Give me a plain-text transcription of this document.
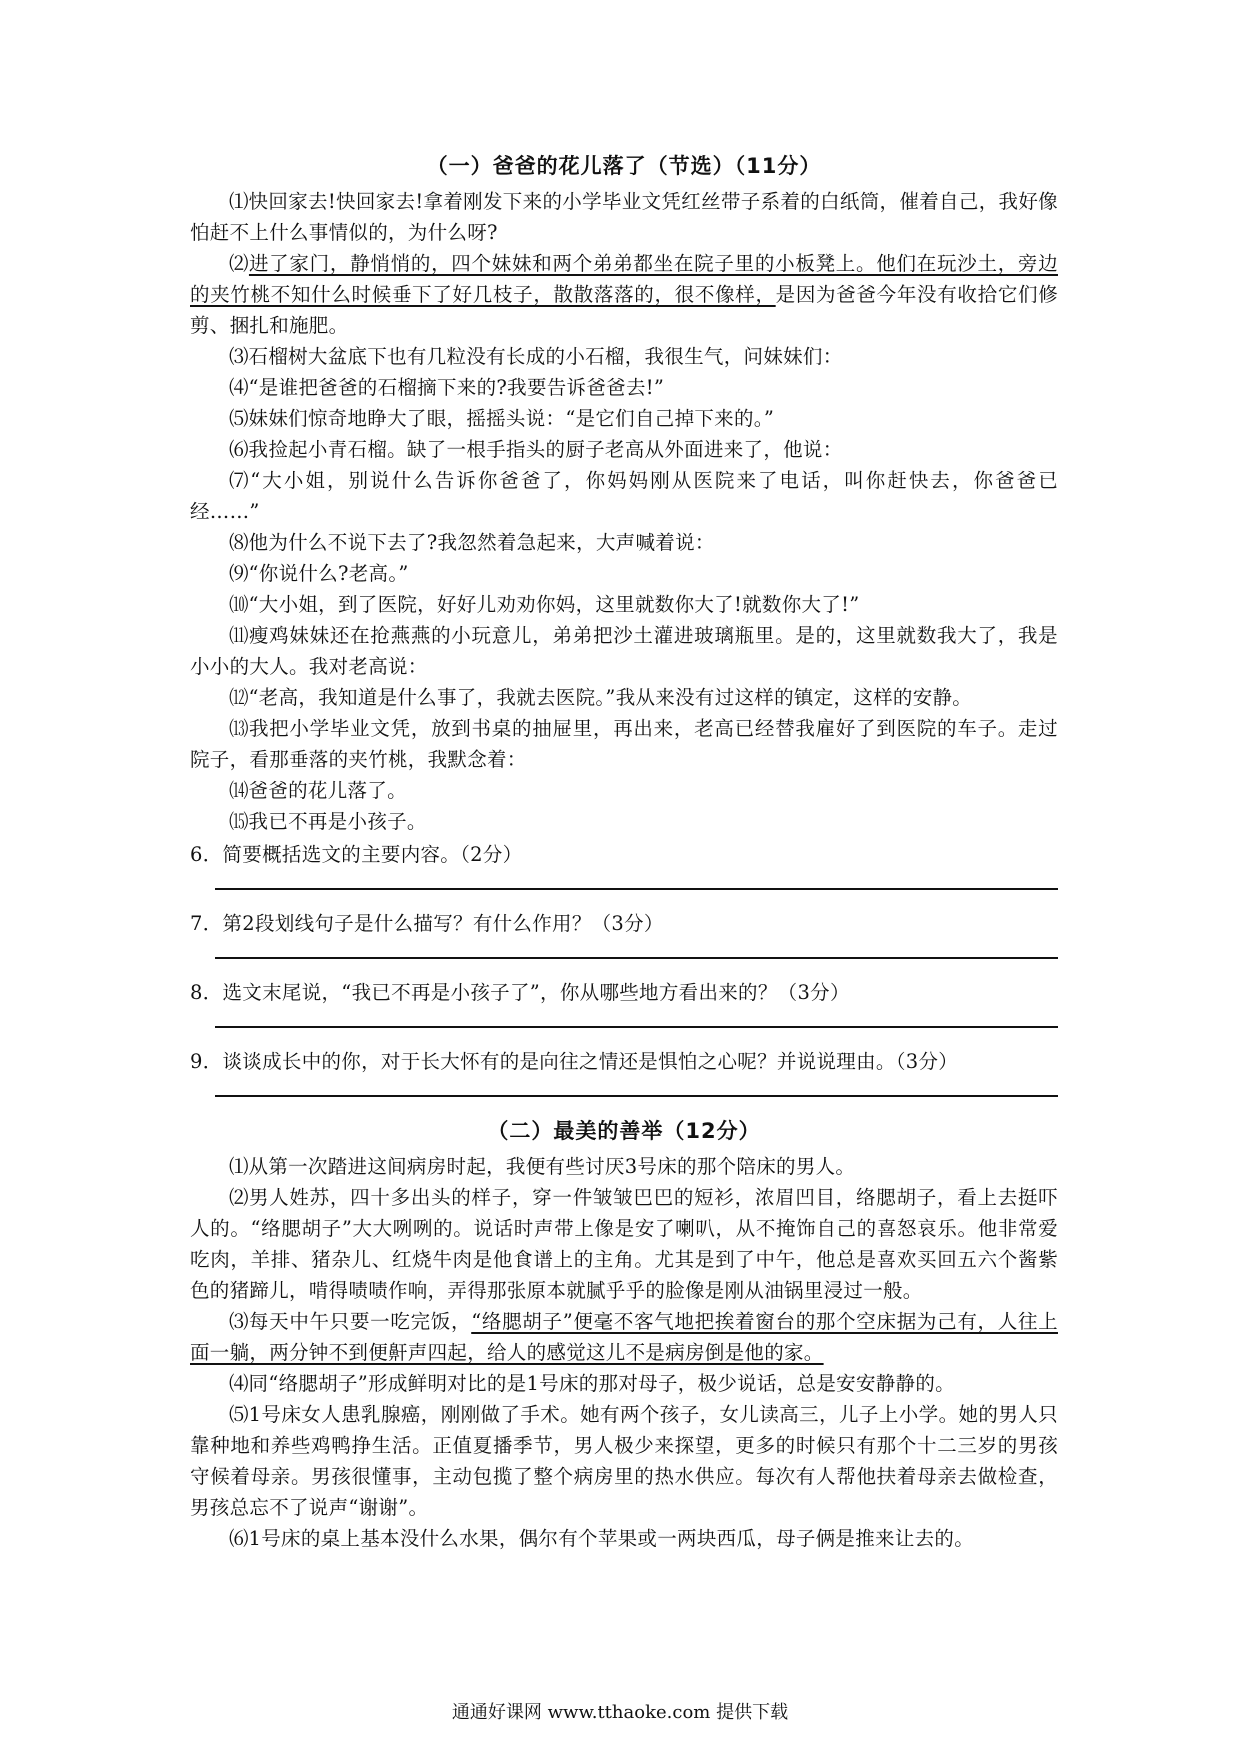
（一）爸爸的花儿落了（节选）（11分）
⑴快回家去!快回家去!拿着刚发下来的小学毕业文凭红丝带子系着的白纸筒，催着自己，我好像怕赶不上什么事情似的，为什么呀?
⑵进了家门，静悄悄的，四个妹妹和两个弟弟都坐在院子里的小板凳上。他们在玩沙土，旁边的夹竹桃不知什么时候垂下了好几枝子，散散落落的，很不像样，是因为爸爸今年没有收拾它们修剪、捆扎和施肥。
⑶石榴树大盆底下也有几粒没有长成的小石榴，我很生气，问妹妹们：
⑷“是谁把爸爸的石榴摘下来的?我要告诉爸爸去!”
⑸妹妹们惊奇地睁大了眼，摇摇头说：“是它们自己掉下来的。”
⑹我捡起小青石榴。缺了一根手指头的厨子老高从外面进来了，他说：
⑺“大小姐，别说什么告诉你爸爸了，你妈妈刚从医院来了电话，叫你赶快去，你爸爸已经……”
⑻他为什么不说下去了?我忽然着急起来，大声喊着说：
⑼“你说什么?老高。”
⑽“大小姐，到了医院，好好儿劝劝你妈，这里就数你大了!就数你大了!”
⑾瘦鸡妹妹还在抢燕燕的小玩意儿，弟弟把沙土灌进玻璃瓶里。是的，这里就数我大了，我是小小的大人。我对老高说：
⑿“老高，我知道是什么事了，我就去医院。”我从来没有过这样的镇定，这样的安静。
⒀我把小学毕业文凭，放到书桌的抽屉里，再出来，老高已经替我雇好了到医院的车子。走过院子，看那垂落的夹竹桃，我默念着：
⒁爸爸的花儿落了。
⒂我已不再是小孩子。
6．简要概括选文的主要内容。（2分）
7．第2段划线句子是什么描写？有什么作用？（3分）
8．选文末尾说，“我已不再是小孩子了”，你从哪些地方看出来的？（3分）
9．谈谈成长中的你，对于长大怀有的是向往之情还是惧怕之心呢？并说说理由。（3分）
（二）最美的善举（12分）
⑴从第一次踏进这间病房时起，我便有些讨厌3号床的那个陪床的男人。
⑵男人姓苏，四十多出头的样子，穿一件皱皱巴巴的短衫，浓眉凹目，络腮胡子，看上去挺吓人的。“络腮胡子”大大咧咧的。说话时声带上像是安了喇叭，从不掩饰自己的喜怒哀乐。他非常爱吃肉，羊排、猪杂儿、红烧牛肉是他食谱上的主角。尤其是到了中午，他总是喜欢买回五六个酱紫色的猪蹄儿，啃得啧啧作响，弄得那张原本就腻乎乎的脸像是刚从油锅里浸过一般。
⑶每天中午只要一吃完饭，“络腮胡子”便毫不客气地把挨着窗台的那个空床据为己有，人往上面一躺，两分钟不到便鼾声四起，给人的感觉这儿不是病房倒是他的家。
⑷同“络腮胡子”形成鲜明对比的是1号床的那对母子，极少说话，总是安安静静的。
⑸1号床女人患乳腺癌，刚刚做了手术。她有两个孩子，女儿读高三，儿子上小学。她的男人只靠种地和养些鸡鸭挣生活。正值夏播季节，男人极少来探望，更多的时候只有那个十二三岁的男孩守候着母亲。男孩很懂事，主动包揽了整个病房里的热水供应。每次有人帮他扶着母亲去做检查，男孩总忘不了说声“谢谢”。
⑹1号床的桌上基本没什么水果，偶尔有个苹果或一两块西瓜，母子俩是推来让去的。
通通好课网 www.tthaoke.com 提供下载
